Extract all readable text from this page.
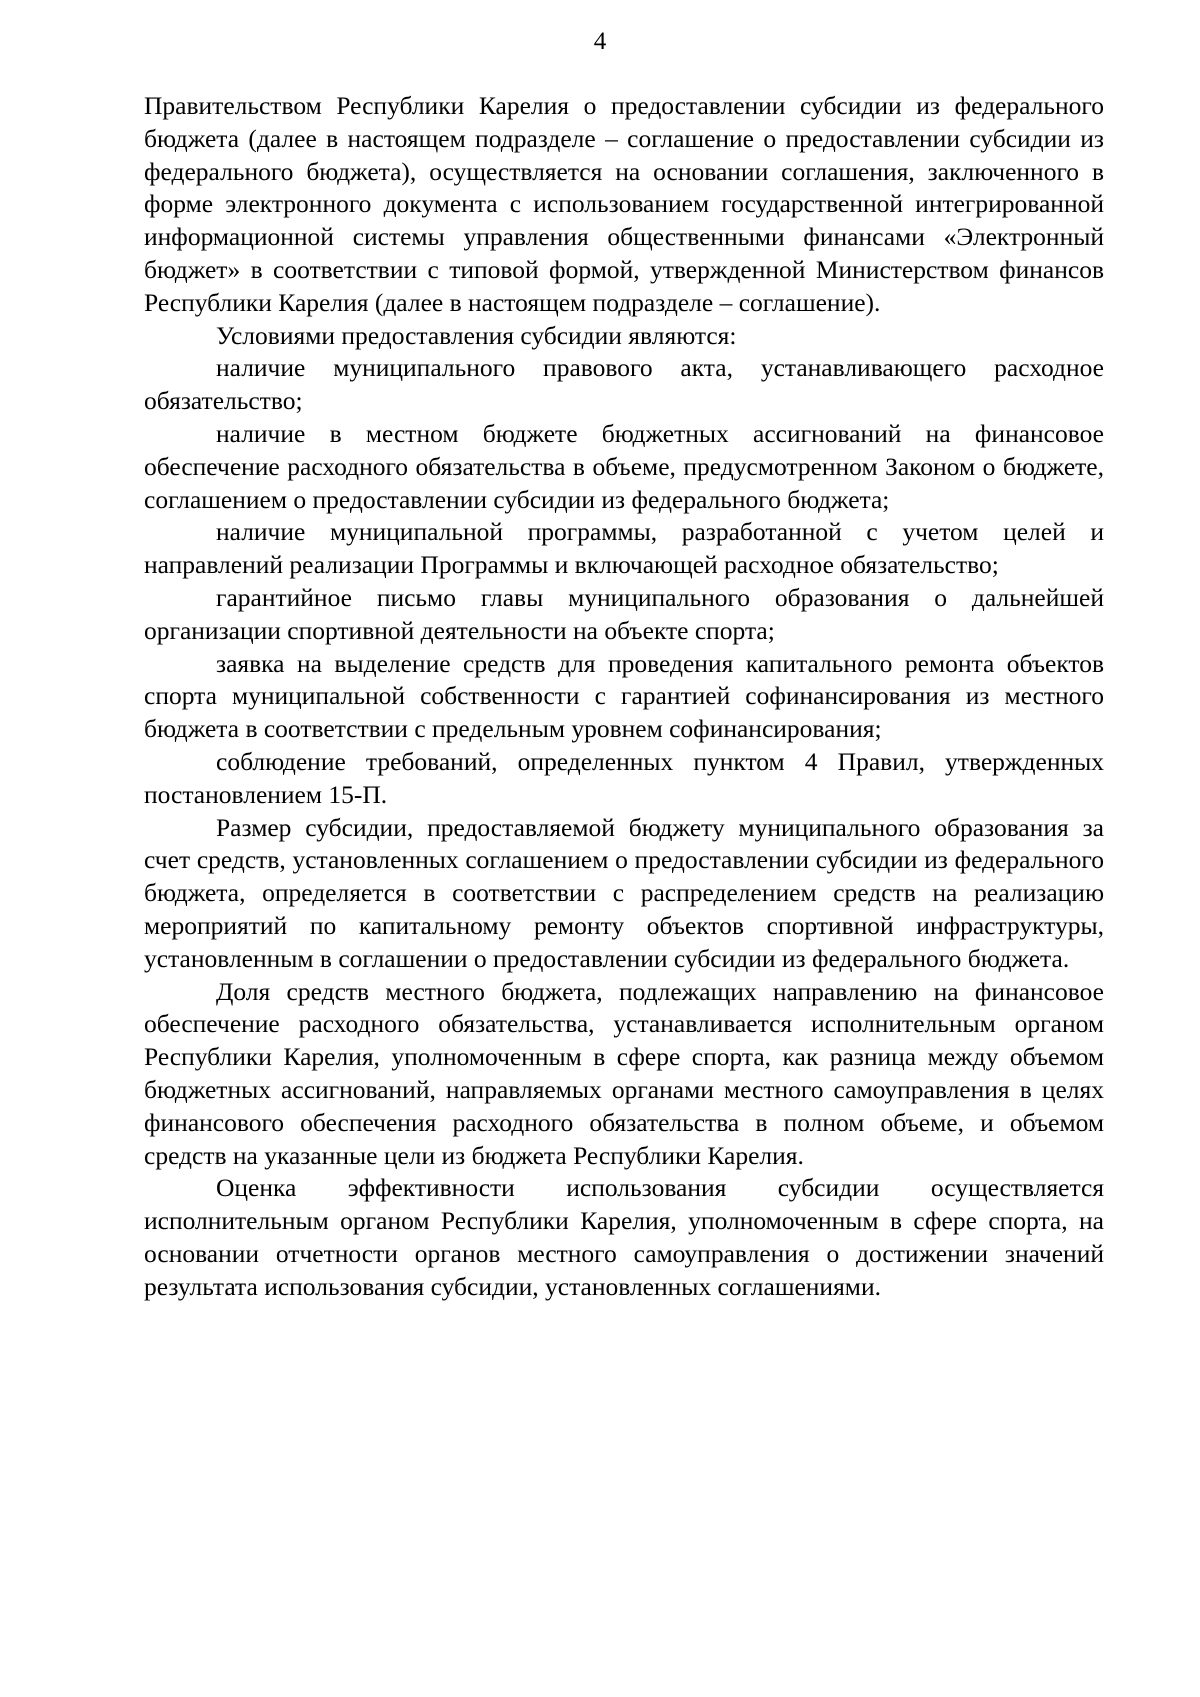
4

Правительством Республики Карелия о предоставлении субсидии из федерального бюджета (далее в настоящем подразделе – соглашение о предоставлении субсидии из федерального бюджета), осуществляется на основании соглашения, заключенного в форме электронного документа с использованием государственной интегрированной информационной системы управления общественными финансами «Электронный бюджет» в соответствии с типовой формой, утвержденной Министерством финансов Республики Карелия (далее в настоящем подразделе – соглашение).

Условиями предоставления субсидии являются:

наличие муниципального правового акта, устанавливающего расходное обязательство;

наличие в местном бюджете бюджетных ассигнований на финансовое обеспечение расходного обязательства в объеме, предусмотренном Законом о бюджете, соглашением о предоставлении субсидии из федерального бюджета;

наличие муниципальной программы, разработанной с учетом целей и направлений реализации Программы и включающей расходное обязательство;

гарантийное письмо главы муниципального образования о дальнейшей организации спортивной деятельности на объекте спорта;

заявка на выделение средств для проведения капитального ремонта объектов спорта муниципальной собственности с гарантией софинансирования из местного бюджета в соответствии с предельным уровнем софинансирования;

соблюдение требований, определенных пунктом 4 Правил, утвержденных постановлением 15-П.

Размер субсидии, предоставляемой бюджету муниципального образования за счет средств, установленных соглашением о предоставлении субсидии из федерального бюджета, определяется в соответствии с распределением средств на реализацию мероприятий по капитальному ремонту объектов спортивной инфраструктуры, установленным в соглашении о предоставлении субсидии из федерального бюджета.

Доля средств местного бюджета, подлежащих направлению на финансовое обеспечение расходного обязательства, устанавливается исполнительным органом Республики Карелия, уполномоченным в сфере спорта, как разница между объемом бюджетных ассигнований, направляемых органами местного самоуправления в целях финансового обеспечения расходного обязательства в полном объеме, и объемом средств на указанные цели из бюджета Республики Карелия.

Оценка эффективности использования субсидии осуществляется исполнительным органом Республики Карелия, уполномоченным в сфере спорта, на основании отчетности органов местного самоуправления о достижении значений результата использования субсидии, установленных соглашениями.
